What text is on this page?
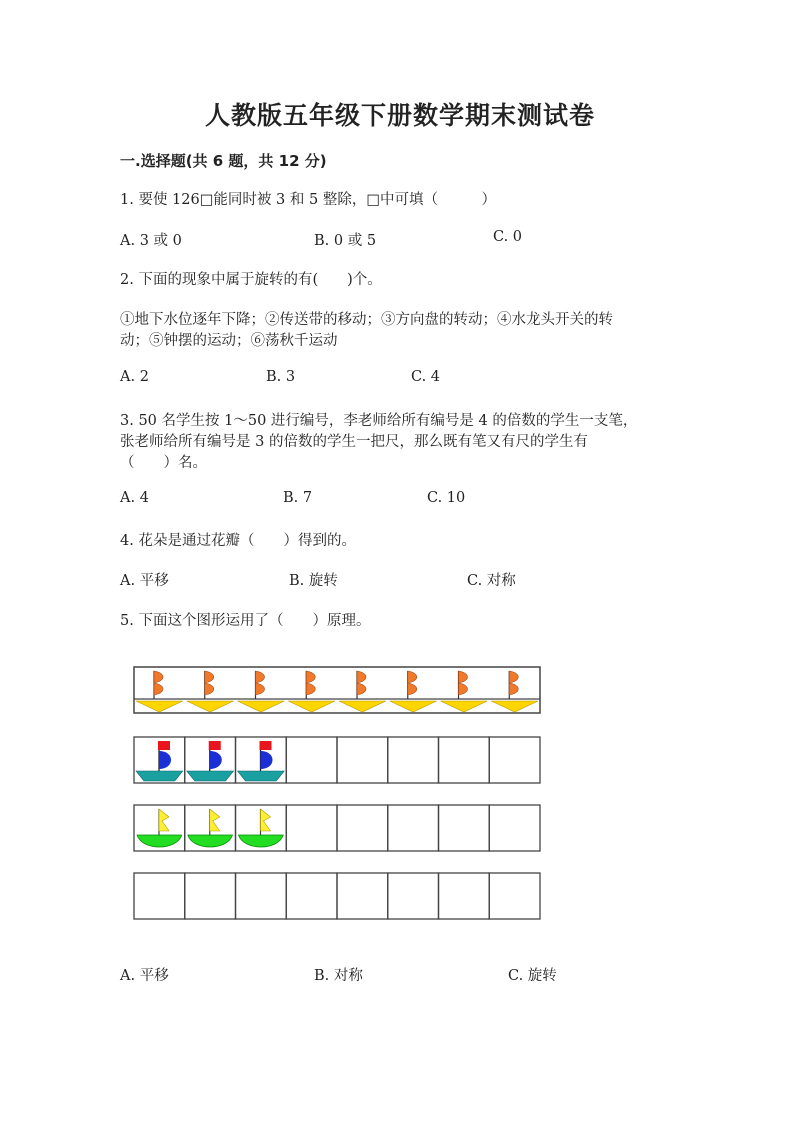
人教版五年级下册数学期末测试卷
一.选择题(共 6 题，共 12 分)
1. 要使 126□能同时被 3 和 5 整除，□中可填（　　　）
A. 3 或 0	B. 0 或 5	C. 0
2. 下面的现象中属于旋转的有(　　)个。
①地下水位逐年下降；②传送带的移动；③方向盘的转动；④水龙头开关的转
动；⑤钟摆的运动；⑥荡秋千运动
A. 2	B. 3	C. 4
3. 50 名学生按 1～50 进行编号，李老师给所有编号是 4 的倍数的学生一支笔，
张老师给所有编号是 3 的倍数的学生一把尺，那么既有笔又有尺的学生有
（　　）名。
A. 4	B. 7	C. 10
4. 花朵是通过花瓣（　　）得到的。
A. 平移	B. 旋转	C. 对称
5. 下面这个图形运用了（　　）原理。
A. 平移	B. 对称	C. 旋转
